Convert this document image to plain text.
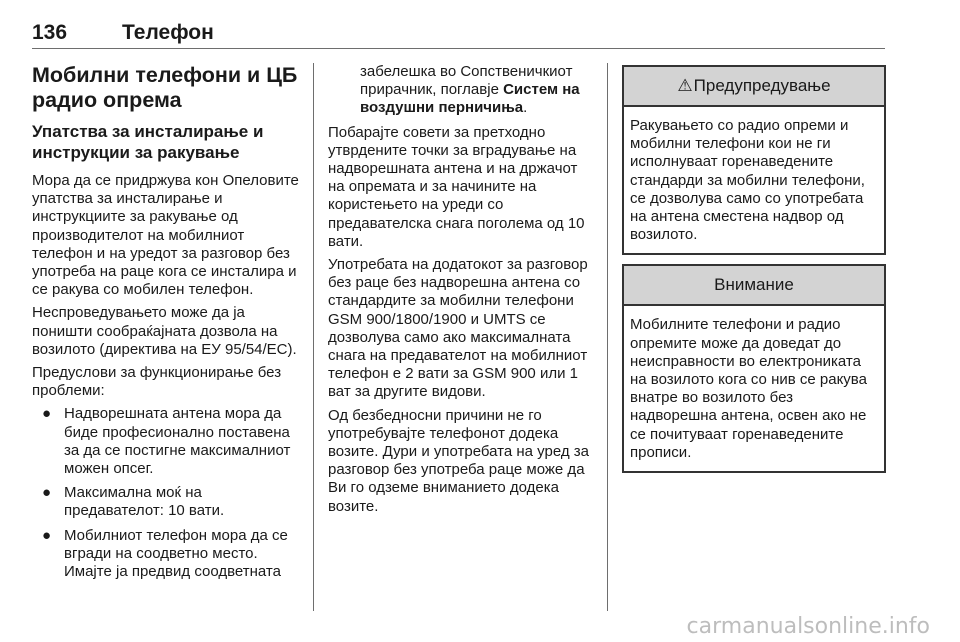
136	Телефон
Мобилни телефони и ЦБ радио опрема
Упатства за инсталирање и инструкции за ракување

Мора да се придржува кон Опеловите упатства за инсталирање и инструкциите за ракување од производителот на мобилниот телефон и на уредот за разговор без употреба на раце кога се инсталира и се ракува со мобилен телефон.

Неспроведувањето може да ја поништи сообраќајната дозвола на возилото (директива на ЕУ 95/54/ЕС).

Предуслови за функционирање без проблеми:

● Надворешната антена мора да биде професионално поставена за да се постигне максималниот можен опсег.
● Максимална моќ на предавателот: 10 вати.
● Мобилниот телефон мора да се вгради на соодветно место. Имајте ја предвид соодветната
забелешка во Сопственичкиот прирачник, поглавје Систем на воздушни перничиња.

Побарајте совети за претходно утврдените точки за вградување на надворешната антена и на држачот на опремата и за начините на користењето на уреди со предавателска снага поголема од 10 вати.

Употребата на додатокот за разговор без раце без надворешна антена со стандардите за мобилни телефони GSM 900/1800/1900 и UMTS се дозволува само ако максималната снага на предавателот на мобилниот телефон е 2 вати за GSM 900 или 1 ват за другите видови.

Од безбедносни причини не го употребувајте телефонот додека возите. Дури и употребата на уред за разговор без употреба раце може да Ви го одземе вниманието додека возите.

⚠Предупредување

Ракувањето со радио опреми и мобилни телефони кои не ги исполнуваат горенаведените стандарди за мобилни телефони, се дозволува само со употребата на антена сместена надвор од возилото.

Внимание

Мобилните телефони и радио опремите може да доведат до неисправности во електрониката на возилото кога со нив се ракува внатре во возилото без надворешна антена, освен ако не се почитуваат горенаведените прописи.

carmanualsonline.info
